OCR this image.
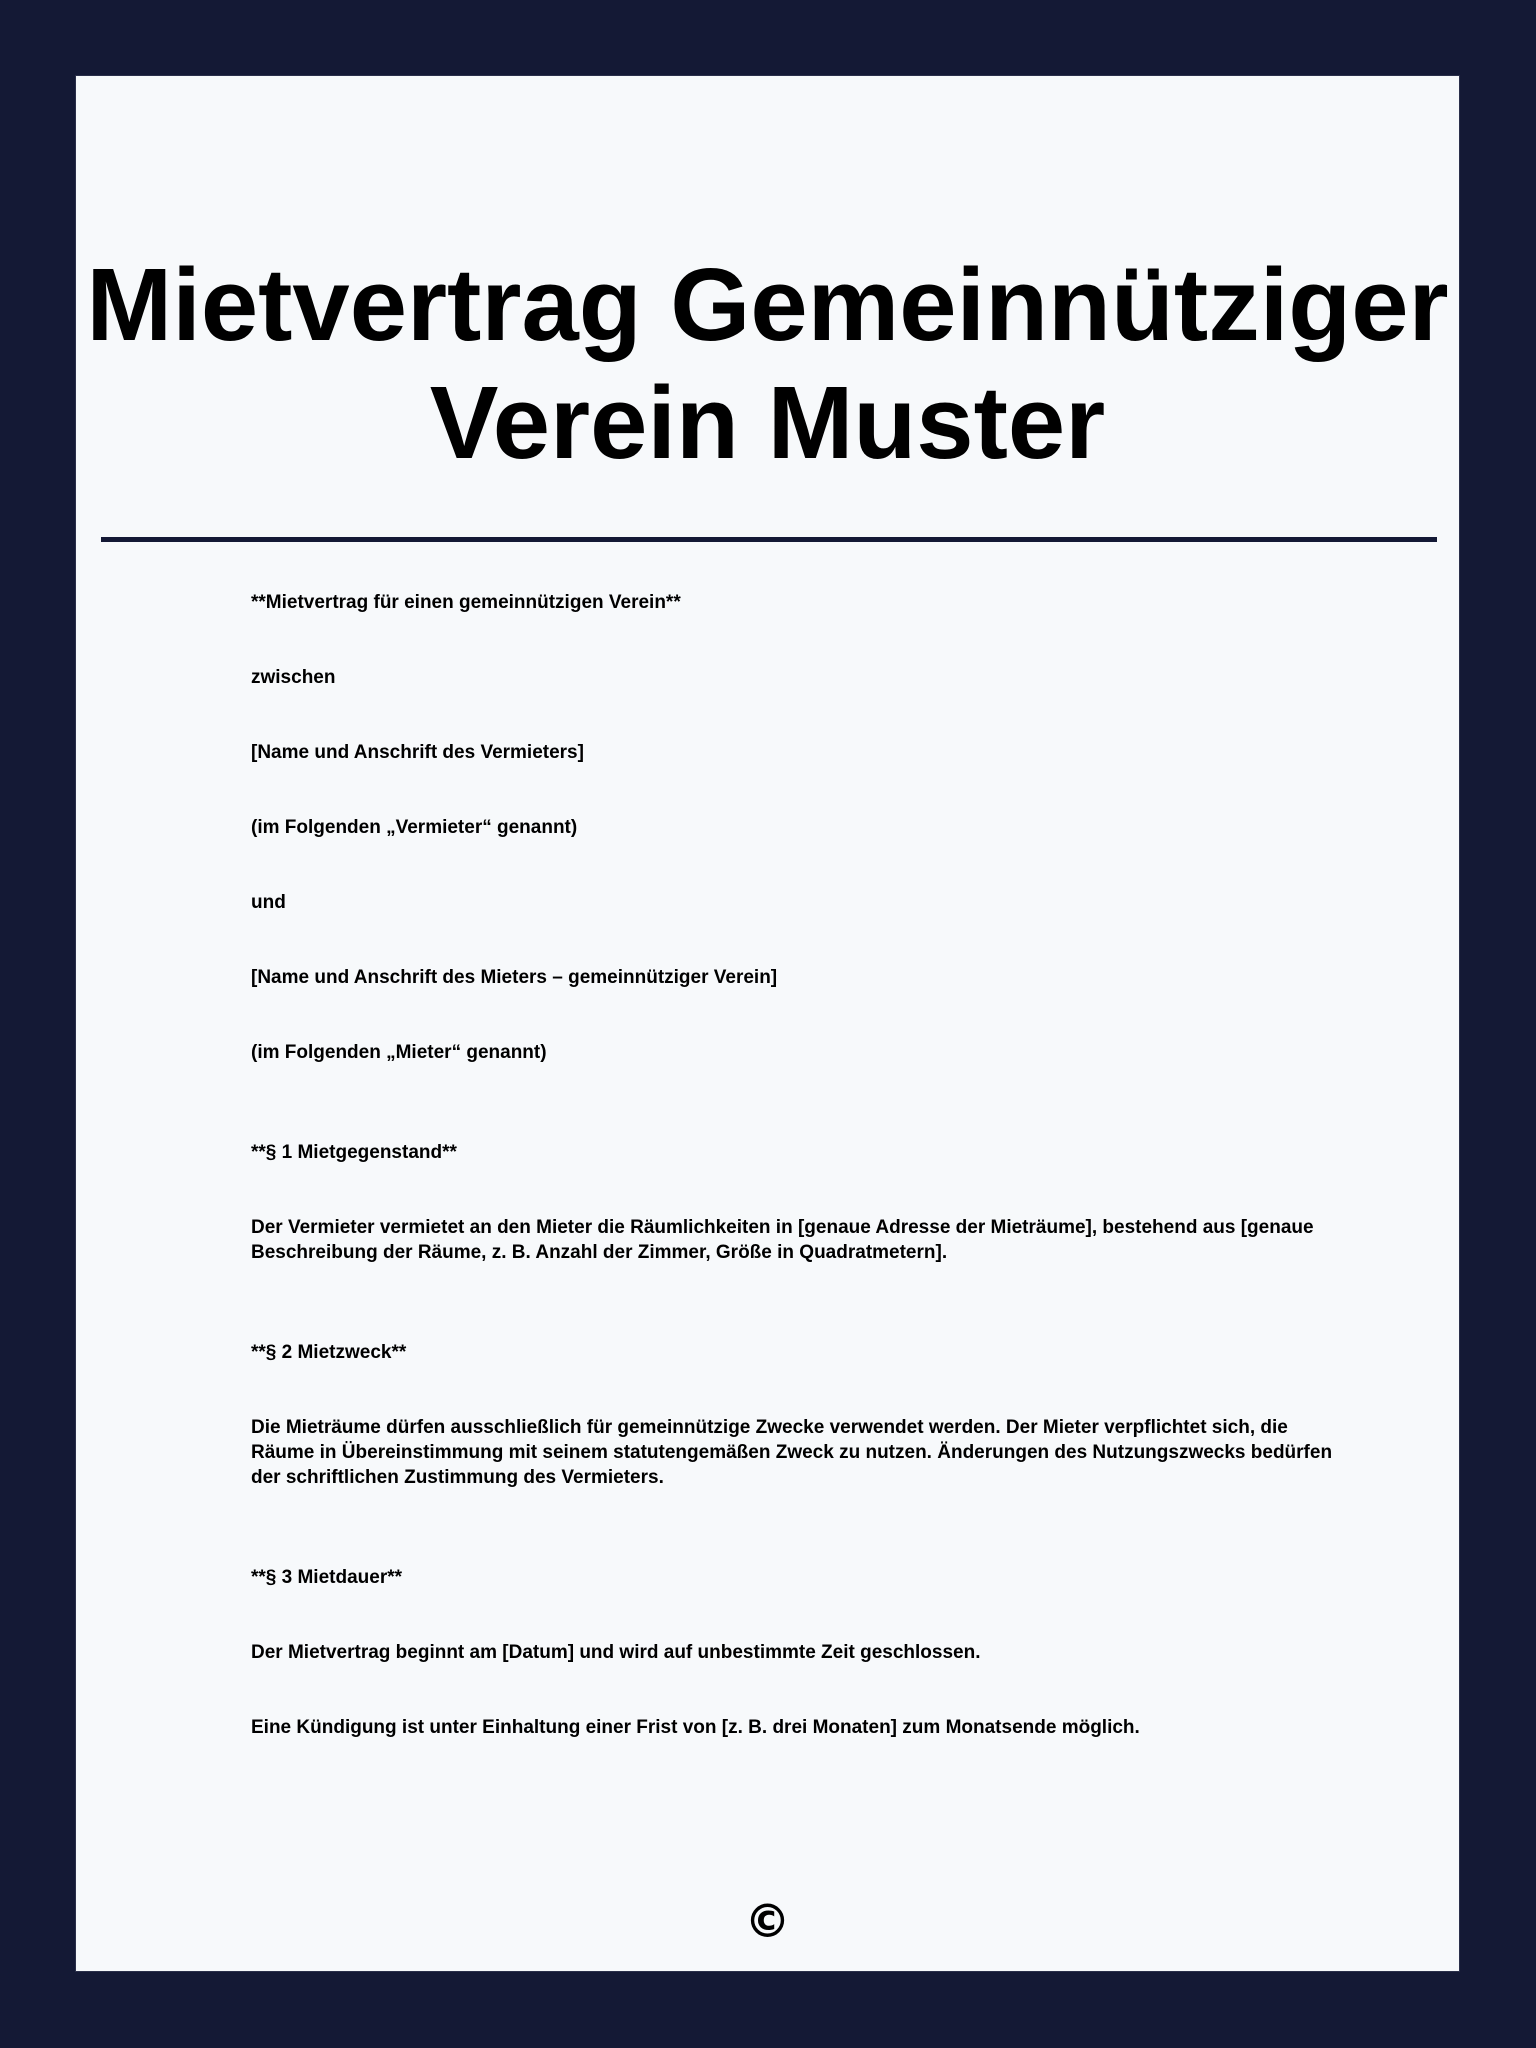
Mietvertrag Gemeinnütziger Verein Muster

**Mietvertrag für einen gemeinnützigen Verein**

zwischen

[Name und Anschrift des Vermieters]

(im Folgenden „Vermieter“ genannt)

und

[Name und Anschrift des Mieters – gemeinnütziger Verein]

(im Folgenden „Mieter“ genannt)

**§ 1 Mietgegenstand**

Der Vermieter vermietet an den Mieter die Räumlichkeiten in [genaue Adresse der Mieträume], bestehend aus [genaue Beschreibung der Räume, z. B. Anzahl der Zimmer, Größe in Quadratmetern].

**§ 2 Mietzweck**

Die Mieträume dürfen ausschließlich für gemeinnützige Zwecke verwendet werden. Der Mieter verpflichtet sich, die Räume in Übereinstimmung mit seinem statutengemäßen Zweck zu nutzen. Änderungen des Nutzungszwecks bedürfen der schriftlichen Zustimmung des Vermieters.

**§ 3 Mietdauer**

Der Mietvertrag beginnt am [Datum] und wird auf unbestimmte Zeit geschlossen.

Eine Kündigung ist unter Einhaltung einer Frist von [z. B. drei Monaten] zum Monatsende möglich.

©
